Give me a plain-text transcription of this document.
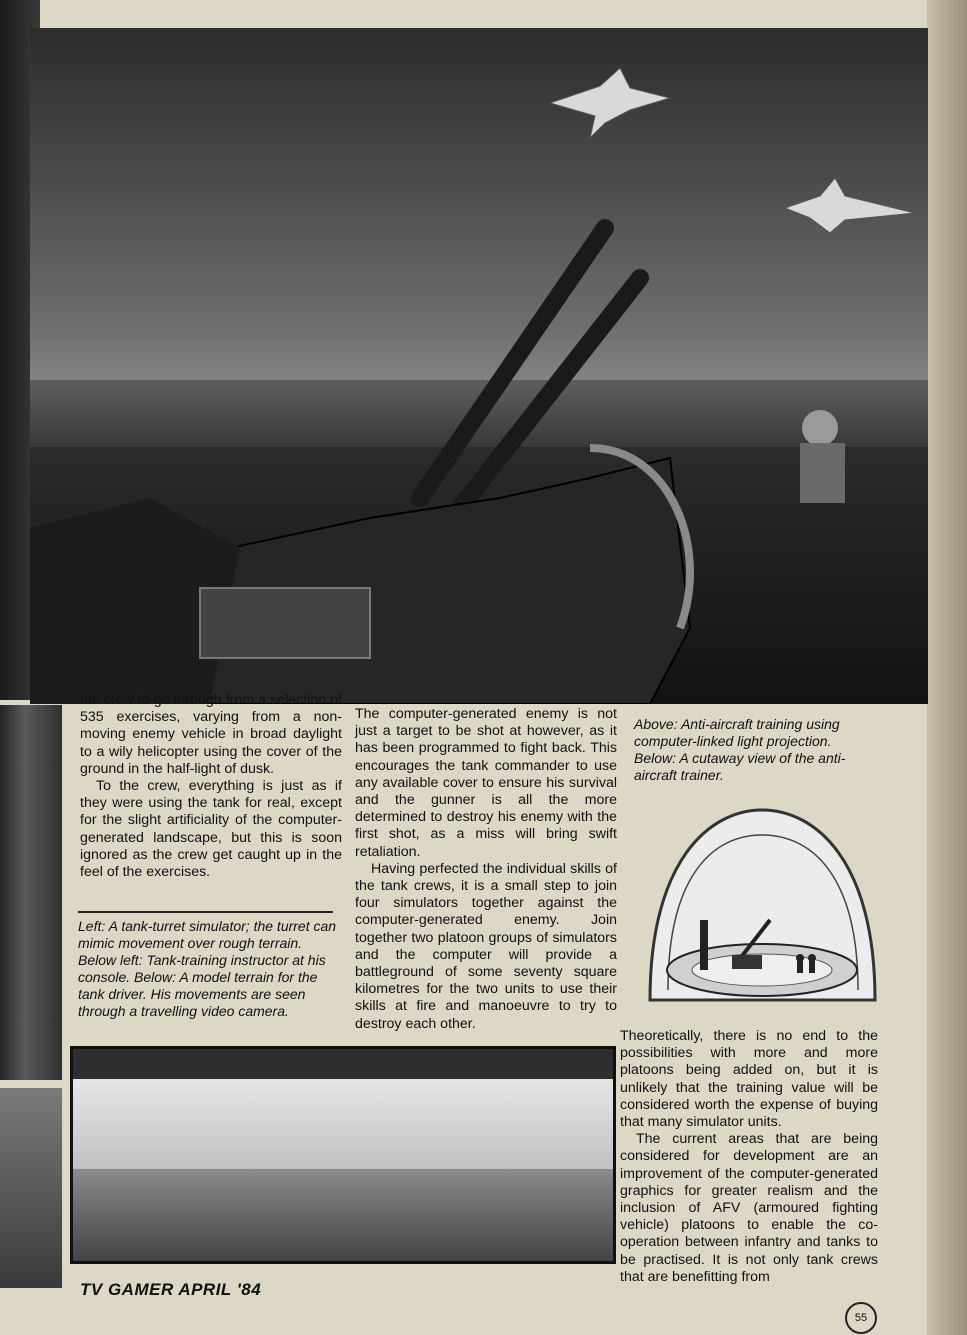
the crew to go through from a selection of 535 exercises, varying from a non-moving enemy vehicle in broad daylight to a wily helicopter using the cover of the ground in the half-light of dusk.

To the crew, everything is just as if they were using the tank for real, except for the slight artificiality of the computer-generated landscape, but this is soon ignored as the crew get caught up in the feel of the exercises.

Left: A tank-turret simulator; the turret can mimic movement over rough terrain. Below left: Tank-training instructor at his console. Below: A model terrain for the tank driver. His movements are seen through a travelling video camera.

The computer-generated enemy is not just a target to be shot at however, as it has been programmed to fight back. This encourages the tank commander to use any available cover to ensure his survival and the gunner is all the more determined to destroy his enemy with the first shot, as a miss will bring swift retaliation.

Having perfected the individual skills of the tank crews, it is a small step to join four simulators together against the computer-generated enemy. Join together two platoon groups of simulators and the computer will provide a battleground of some seventy square kilometres for the two units to use their skills at fire and manoeuvre to try to destroy each other.

Above: Anti-aircraft training using computer-linked light projection. Below: A cutaway view of the anti-aircraft trainer.

Theoretically, there is no end to the possibilities with more and more platoons being added on, but it is unlikely that the training value will be considered worth the expense of buying that many simulator units.

The current areas that are being considered for development are an improvement of the computer-generated graphics for greater realism and the inclusion of AFV (armoured fighting vehicle) platoons to enable the co-operation between infantry and tanks to be practised. It is not only tank crews that are benefitting from

TV GAMER APRIL '84
55
